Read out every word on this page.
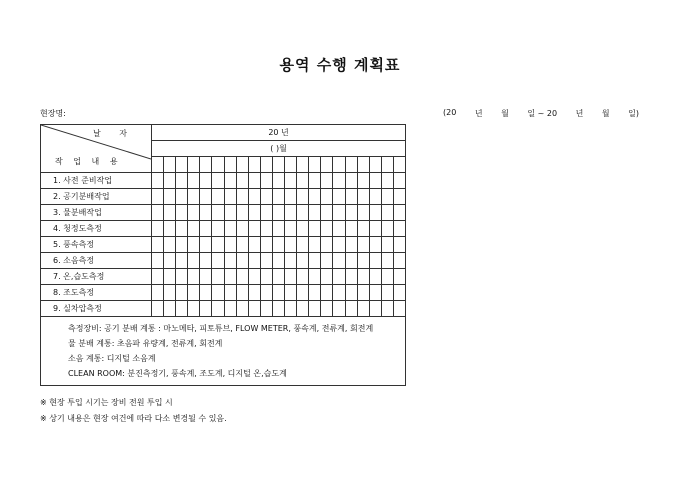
용역 수행 계획표
현장명:	(20 년 월 일 ~ 20 년 월 일)
날 자
작 업 내 용	20 년																				
	( )월																				

1. 사전 준비작업																					
2. 공기분배작업																					
3. 물분배작업																					
4. 청정도측정																					
5. 풍속측정																					
6. 소음측정																					
7. 온,습도측정																					
8. 조도측정																					
9. 실차압측정																					

측정장비: 공기 분배 계통 : 마노메타, 피토튜브, FLOW METER, 풍속계, 전류계, 회전계
물 분배 계통: 초음파 유량계, 전류계, 회전계
소음 계통: 디지털 소음계
CLEAN ROOM: 분진측정기, 풍속계, 조도계, 디지털 온,습도계																					
※ 현장 투입 시기는 장비 전원 투입 시
※ 상기 내용은 현장 여건에 따라 다소 변경될 수 있음.
